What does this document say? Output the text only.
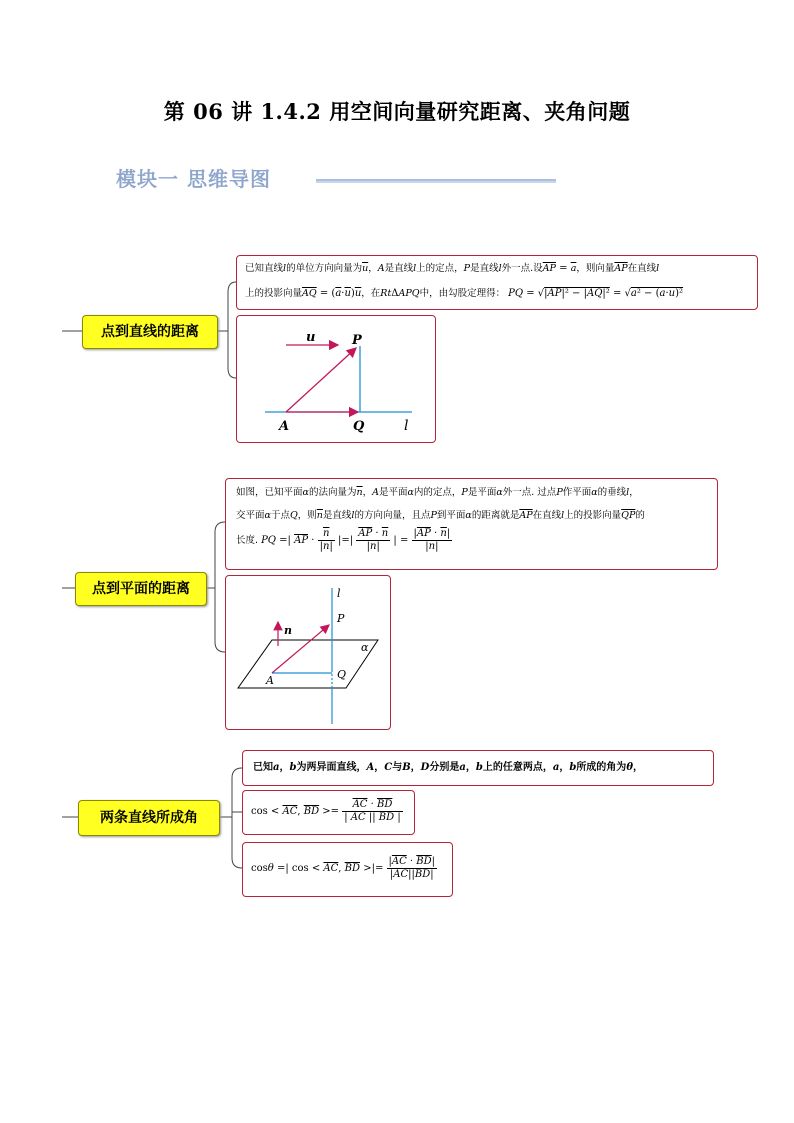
第 06 讲 1.4.2 用空间向量研究距离、夹角问题
模块一 思维导图
点到直线的距离
已知直线l的单位方向向量为$\overline{u}$，A是直线l上的定点，P是直线l外一点.设$\overline{AP} = \overline{a}$，则向量$\overline{AP}$在直线l
上的投影向量$\overline{AQ} = (\overline{a}\cdot\overline{u})\overline{u}$，在RtΔAPQ中，由勾股定理得： PQ = √|AP|² − |AQ|² = √a² − (a·u)²
u	P
A	Q	l
点到平面的距离
如图，已知平面α的法向量为$\overline{n}$，A是平面α内的定点，P是平面α外一点. 过点P作平面α的垂线l，
交平面α于点Q，则$\overline{n}$是直线l的方向向量，且点P到平面α的距离就是$\overline{AP}$在直线l上的投影向量$\overline{QP}$的
长度. PQ =| $\overline{AP} \cdot \frac{\overline{n}}{|n|}$ |=| $\frac{\overline{AP} \cdot \overline{n}}{|n|}$ | = $\frac{|\overline{AP} \cdot \overline{n}|}{|n|}$
l
n
P
α
A	Q
两条直线所成角
已知a，b为两异面直线，A，C与B，D分别是a，b上的任意两点，a，b所成的角为θ，
$\cos < \overline{AC}$, $\overline{BD} >= \frac{\overline{AC} \cdot \overline{BD}}{| \overline{AC} || \overline{BD} |}$
cosθ =| $\cos < \overline{AC}$, $\overline{BD}$ >|= $\frac{|\overline{AC} \cdot \overline{BD}|}{|\overline{AC}||\overline{BD}|}$
